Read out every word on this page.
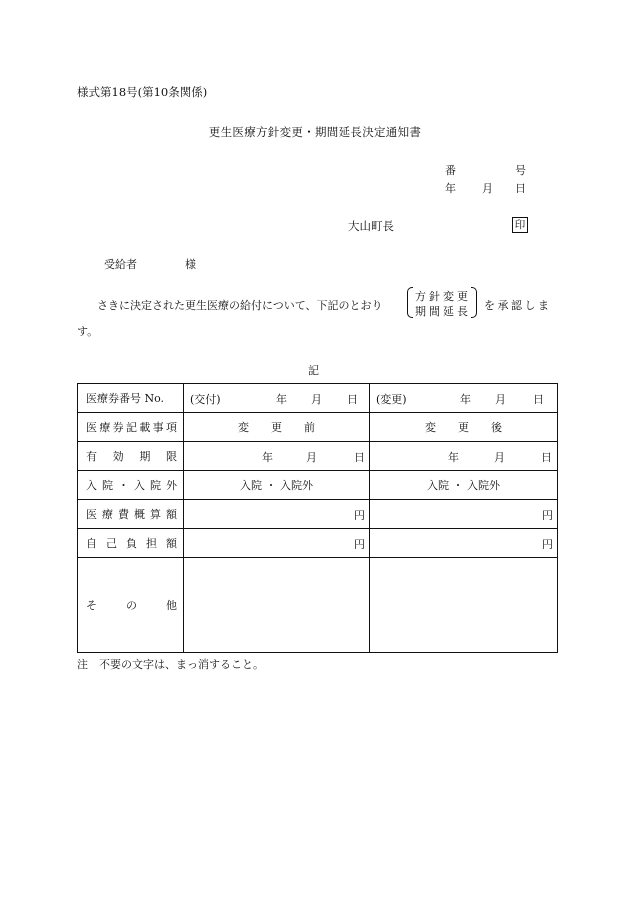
様式第18号(第10条関係)
更生医療方針変更・期間延長決定通知書
番	号
年 月 日
大山町長	印
受給者	様
さきに決定された更生医療の給付について、下記のとおり
方針変更
期間延長 を承認しま
す。
記
医療券番号 No.	(交付) 年 月 日	(変更) 年 月 日

医療券記載事項	変　　更　　前	変　　更　　後
有効期限	年 月 日	年 月 日

入院・入院外	入院 ・ 入院外	入院 ・ 入院外
医療費概算額	円	円

自己負担額	円	円

その他		
注　不要の文字は、まっ消すること。
